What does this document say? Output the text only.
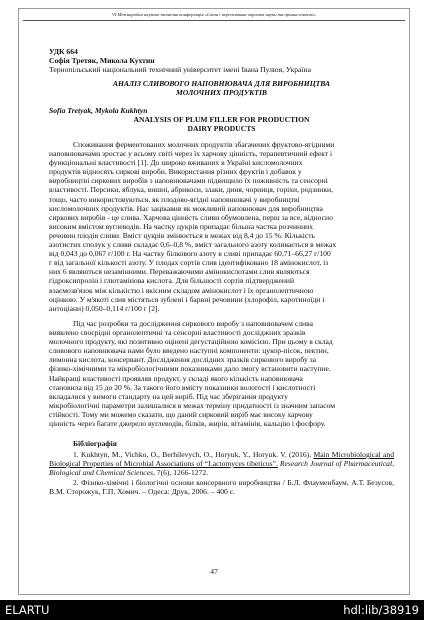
VI Міжнародна науково-технічна конференція «Стан і перспективи харчової науки та промисловості»
УДК 664
Софія Третяк, Микола Кухтин
Тернопільський національний технічний університет імені Івана Пулюя, Україна
АНАЛІЗ СЛИВОВОГО НАПОВНЮВАЧА ДЛЯ ВИРОБНИЦТВА
МОЛОЧНИХ ПРОДУКТІВ
Sofia Tretyak, Mykola Kukhtyn
ANALYSIS OF PLUM FILLER FOR PRODUCTION
DAIRY PRODUCTS

Споживання ферментованих молочних продуктів збагачених фруктово-ягідними

наповнювачами зростає у всьому світі через їх харчову цінність, терапевтичний ефект і

функціональні властивості [1]. До широко вживаних в Україні кисломолочних

продуктів відносять сиркові вироби. Використання різних фруктів і добавок у

виробництві сиркових виробів з наповнювачами підвищило їх поживність та сенсорні

властивості. Персики, яблука, вишні, абрикоси, злаки, диня, чорниця, горіхи, родзинки,

тощо, часто використовуються, як плодово-ягідні наповнювачі у виробництві

кисломолочних продуктів. Нас зацікавив як можливий наповнювач для виробництва

сиркових виробів - це слива. Харчова цінність сливи обумовлена, перш за все, відносно

високим вмістом вуглеводів. На частку цукрів припадає більша частка розчинних

речовин плодів сливи. Вміст цукрів змінюється в межах від 8,4 до 15 %. Кількість

азотистих сполук у сливи складає 0,6–0,8 %, вміст загального азоту коливається в межах

від 0,043 до 0,067 г/100 г. На частку білкового азоту в сливі припадає 60,71–66,27 г/100

г від загальної кількості азоту. У плодах сортів слив ідентифіковано 18 амінокислот, із

них 6 являються незамінними. Переважаючими амінокислотами слив являються

гідроксипролін і глютамінова кислота. Для більшості сортів підтверджений

взаємозв'язок між кількістю і якісним складом амінокислот і їх органолептичною

оцінкою. У м'якоті слив містяться зублені і барвні речовини (хлорофіл, каротиноїди і

антоціани) 0,050–0,114 г/100 г [2].

Під час розробки та дослідження сиркового виробу з наповнювачем слива

виявлено своєрідні органолептичні та сенсорні властивості досліджних зразків

молочного продукту, які позитивно оцінені дегустаційною комісією. При цьому в склад

сливового наповнювача нами було введено наступні компоненти: цукор-пісок, пектин,

лимонна кислота, консервант. Дослідження дослідних зразків сиркового виробу за

фізико-хімічними та мікробіологічними показниками дало змогу встановити наступне.

Найкращі властивості проявляв продукт, у складі якого кількість наповнювача

становила від 15 до 20 %. За такого його вмісту показники вологості і кислотності

вкладалися у вимоги стандарту на цей виріб. Під час зберігання продукту

мікробіологічні параметри залишалися в межах терміну придатності із значним запасом

стійкості. Тому ми можемо сказати, що даний сирковий виріб має високу харчову

цінність через багате джерело вуглеводів, білків, жирів, вітамінів, кальцію і фосфору.

Бібліографія

1. Kukhtyn, M., Vichko, O., Berhilevych, O., Horyuk, Y., Horyuk. V. (2016). Main Microbiological and Biological Properties of Microbial Associations of “Lactomyces tibeticus”. Research Journal of Pharmaceutical, Biological and Chemical Sciences, 7(6), 1266-1272.

2. Фізико-хімічні і біологічні основи консервного виробництва / Б.Л. Флауменбаум, А.Т. Безусов, В.М. Сторожук, Г.П. Хомич. – Одеса: Друк, 2006. – 400 с.

47
ELARTU	hdl:lib/38919
